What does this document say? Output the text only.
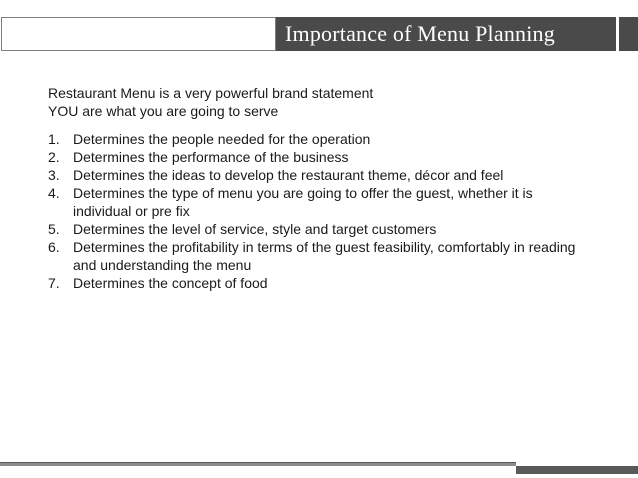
Importance of Menu Planning

Restaurant Menu is a very powerful brand statement

YOU are what you are going to serve

1. Determines the people needed for the operation
2. Determines the performance of the business
3. Determines the ideas to develop the restaurant theme, décor and feel
4. Determines the type of menu you are going to offer the guest, whether it is individual or pre fix
5. Determines the level of service, style and target customers
6. Determines the profitability in terms of the guest feasibility, comfortably in reading and understanding the menu
7. Determines the concept of food
